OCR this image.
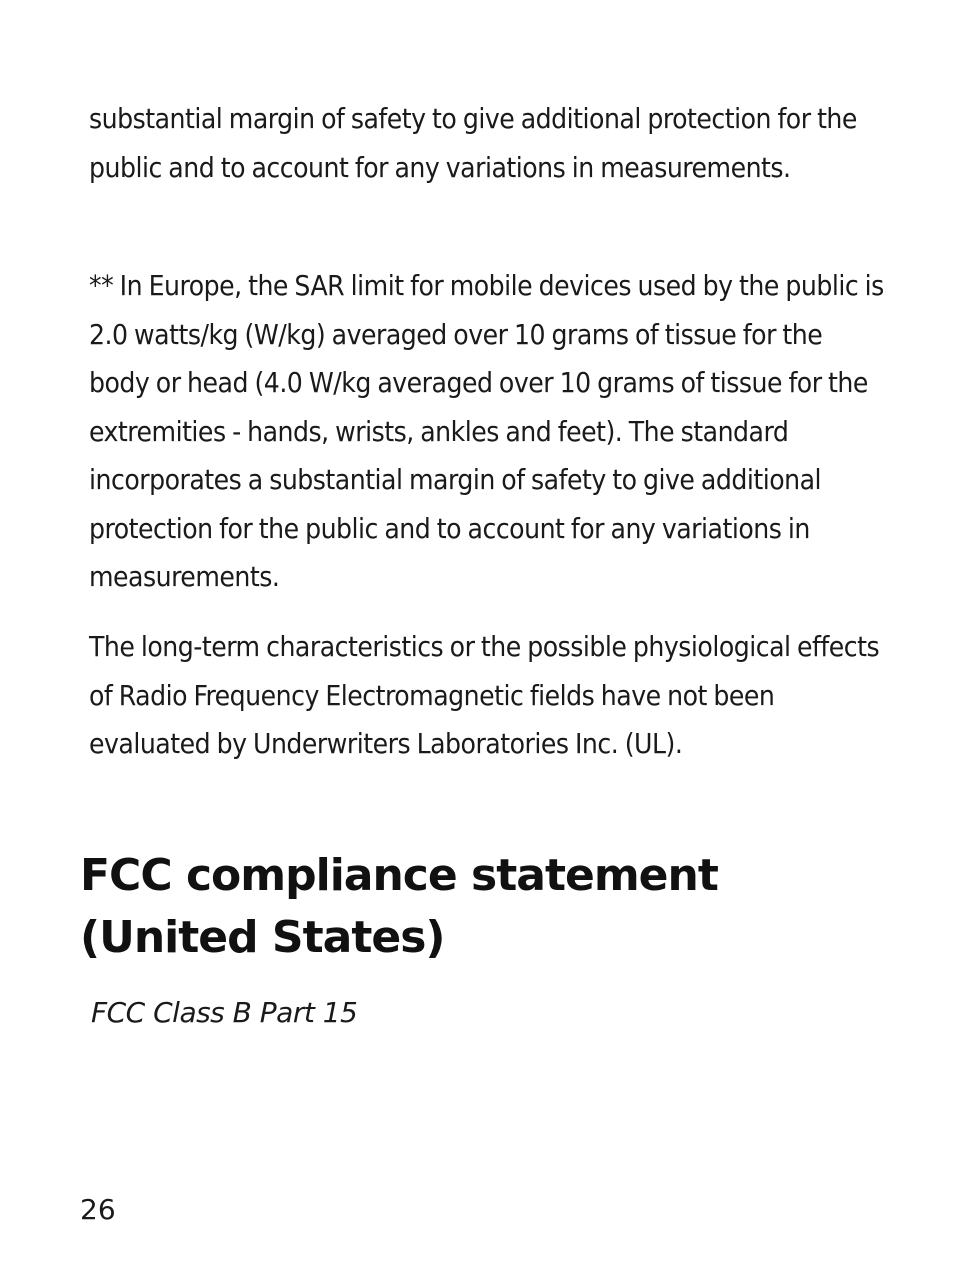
substantial margin of safety to give additional protection for the public and to account for any variations in measurements.

** In Europe, the SAR limit for mobile devices used by the public is 2.0 watts/kg (W/kg) averaged over 10 grams of tissue for the body or head (4.0 W/kg averaged over 10 grams of tissue for the extremities - hands, wrists, ankles and feet). The standard incorporates a substantial margin of safety to give additional protection for the public and to account for any variations in measurements.

The long-term characteristics or the possible physiological effects of Radio Frequency Electromagnetic fields have not been evaluated by Underwriters Laboratories Inc. (UL).

FCC compliance statement (United States)

FCC Class B Part 15

26
